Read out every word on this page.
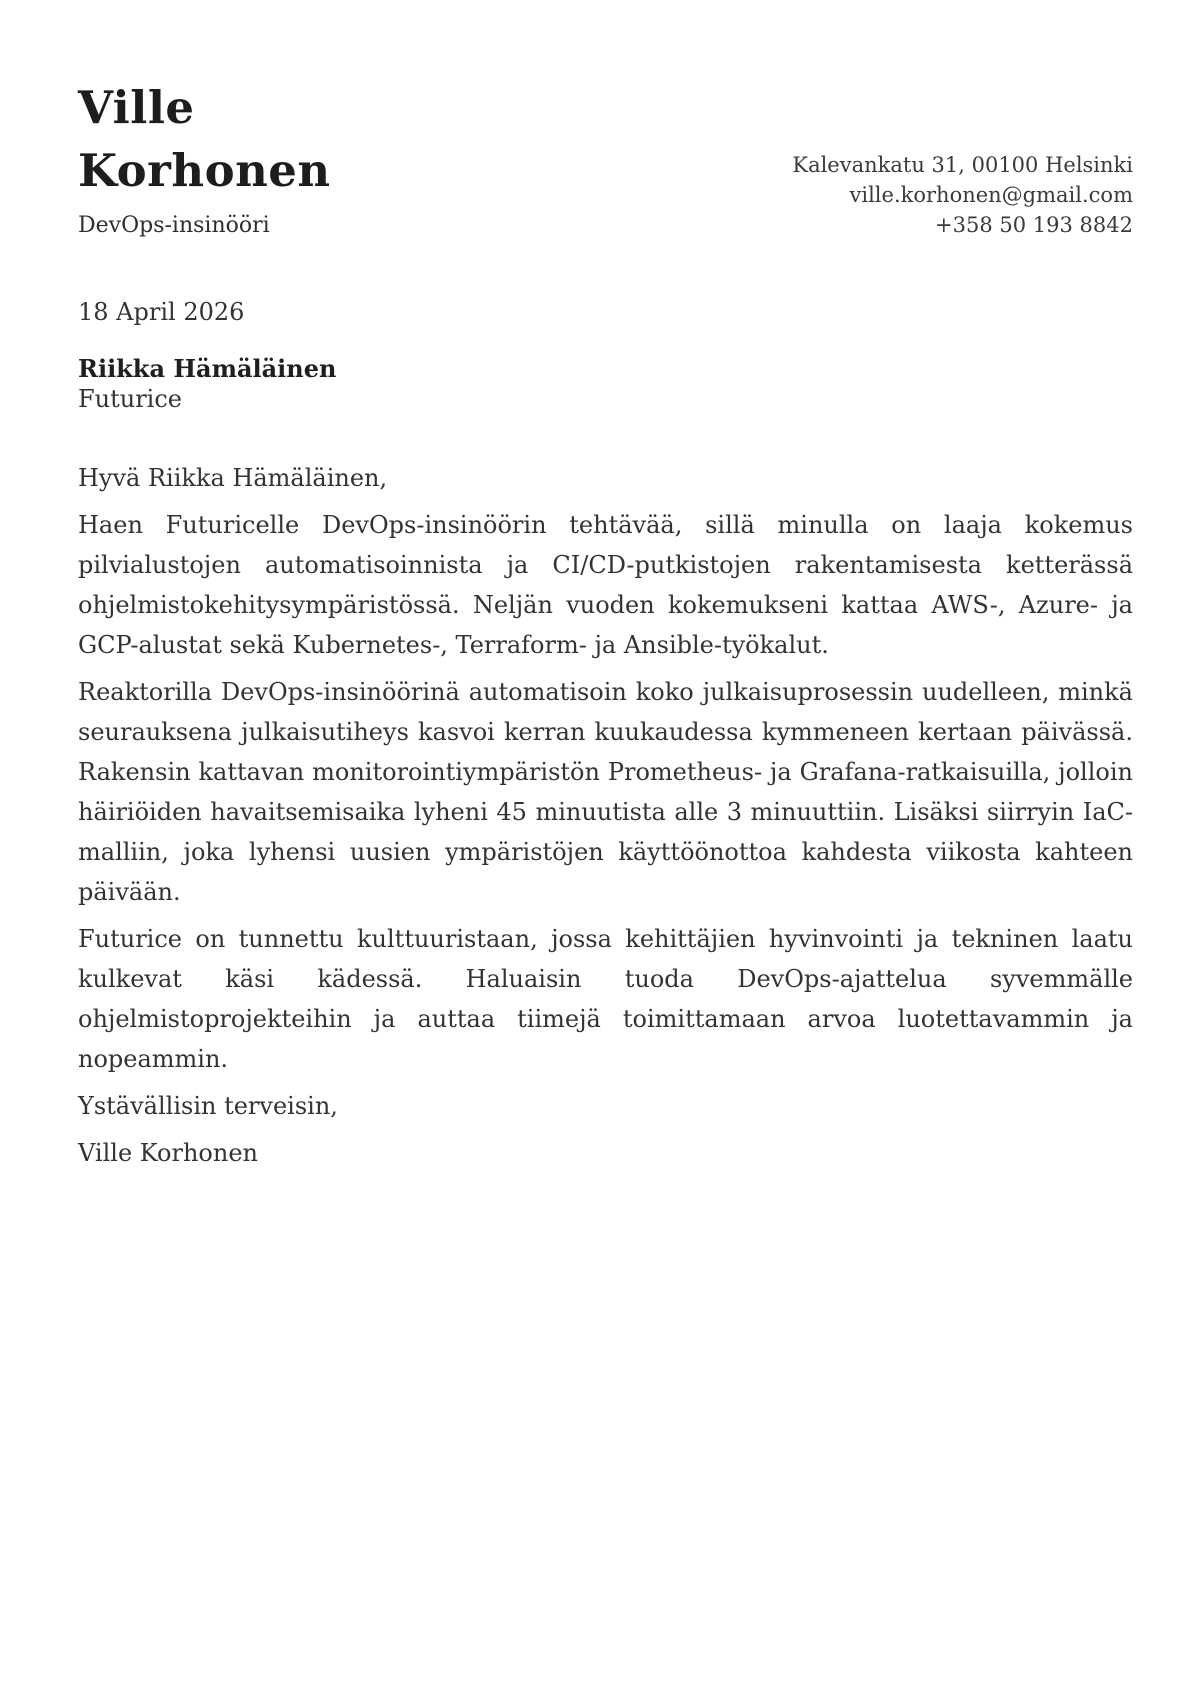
Ville Korhonen

DevOps-insinööri

Kalevankatu 31, 00100 Helsinki
ville.korhonen@gmail.com
+358 50 193 8842

18 April 2026

Riikka Hämäläinen
Futurice

Hyvä Riikka Hämäläinen,

Haen Futuricelle DevOps-insinöörin tehtävää, sillä minulla on laaja kokemus pilvialustojen automatisoinnista ja CI/CD-putkistojen rakentamisesta ketterässä ohjelmistokehitysympäristössä. Neljän vuoden kokemukseni kattaa AWS-, Azure- ja GCP-alustat sekä Kubernetes-, Terraform- ja Ansible-työkalut.

Reaktorilla DevOps-insinöörinä automatisoin koko julkaisuprosessin uudelleen, minkä seurauksena julkaisutiheys kasvoi kerran kuukaudessa kymmeneen kertaan päivässä. Rakensin kattavan monitorointiympäristön Prometheus- ja Grafana-ratkaisuilla, jolloin häiriöiden havaitsemisaika lyheni 45 minuutista alle 3 minuuttiin. Lisäksi siirryin IaC-malliin, joka lyhensi uusien ympäristöjen käyttöönottoa kahdesta viikosta kahteen päivään.

Futurice on tunnettu kulttuuristaan, jossa kehittäjien hyvinvointi ja tekninen laatu kulkevat käsi kädessä. Haluaisin tuoda DevOps-ajattelua syvemmälle ohjelmistoprojekteihin ja auttaa tiimejä toimittamaan arvoa luotettavammin ja nopeammin.

Ystävällisin terveisin,

Ville Korhonen
